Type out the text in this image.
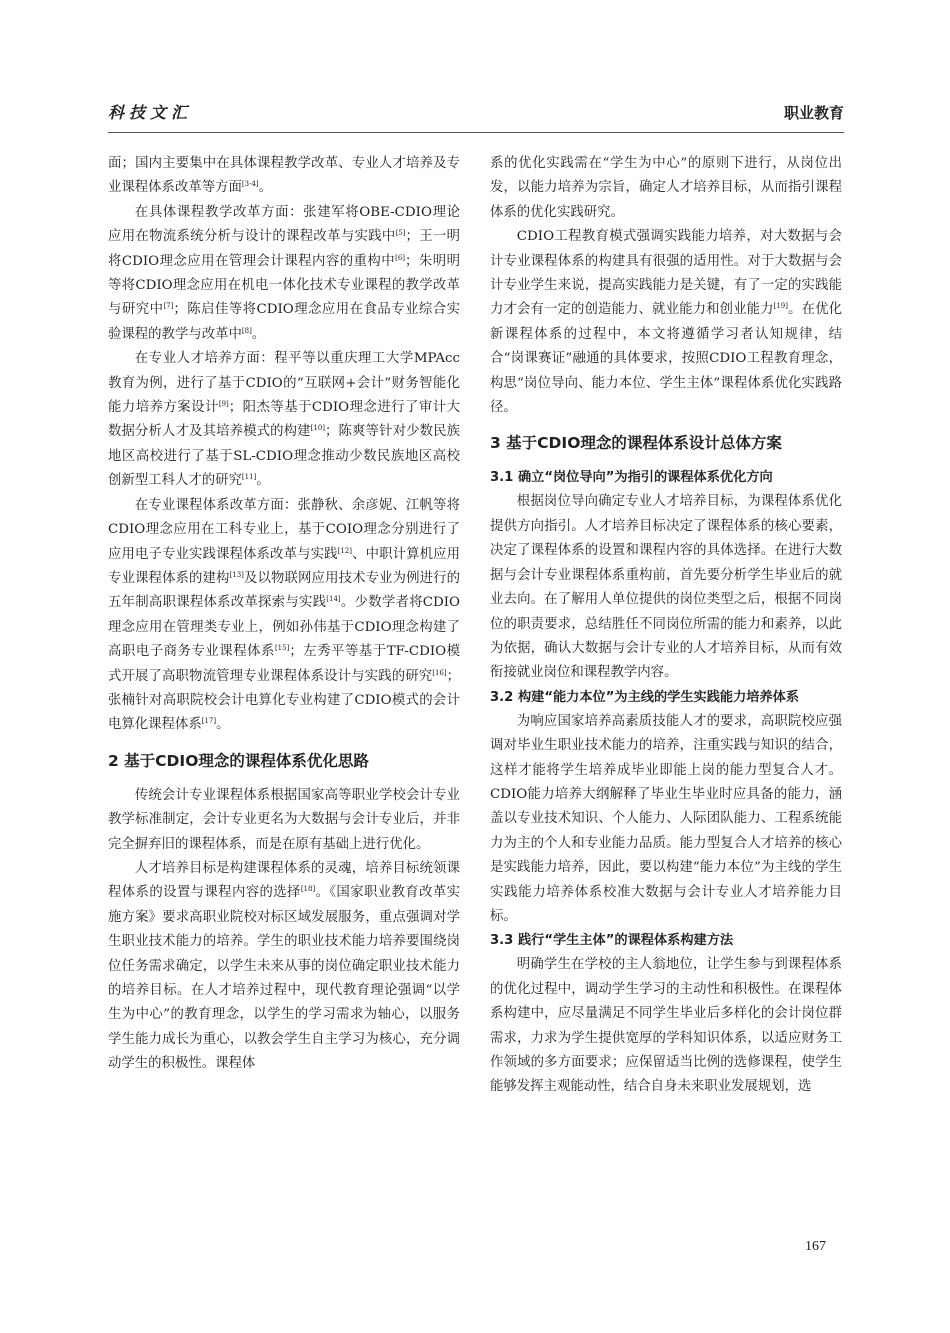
科技文汇	职业教育

面；国内主要集中在具体课程教学改革、专业人才培养及专业课程体系改革等方面[3-4]。

在具体课程教学改革方面：张建军将OBE-CDIO理论应用在物流系统分析与设计的课程改革与实践中[5]；王一明将CDIO理念应用在管理会计课程内容的重构中[6]；朱明明等将CDIO理念应用在机电一体化技术专业课程的教学改革与研究中[7]；陈启佳等将CDIO理念应用在食品专业综合实验课程的教学与改革中[8]。

在专业人才培养方面：程平等以重庆理工大学MPAcc教育为例，进行了基于CDIO的“互联网+会计”财务智能化能力培养方案设计[9]；阳杰等基于CDIO理念进行了审计大数据分析人才及其培养模式的构建[10]；陈爽等针对少数民族地区高校进行了基于SL-CDIO理念推动少数民族地区高校创新型工科人才的研究[11]。

在专业课程体系改革方面：张静秋、余彦妮、江帆等将CDIO理念应用在工科专业上，基于COIO理念分别进行了应用电子专业实践课程体系改革与实践[12]、中职计算机应用专业课程体系的建构[13]及以物联网应用技术专业为例进行的五年制高职课程体系改革探索与实践[14]。少数学者将CDIO理念应用在管理类专业上，例如孙伟基于CDIO理念构建了高职电子商务专业课程体系[15]；左秀平等基于TF-CDIO模式开展了高职物流管理专业课程体系设计与实践的研究[16]；张楠针对高职院校会计电算化专业构建了CDIO模式的会计电算化课程体系[17]。

2 基于CDIO理念的课程体系优化思路

传统会计专业课程体系根据国家高等职业学校会计专业教学标准制定，会计专业更名为大数据与会计专业后，并非完全摒弃旧的课程体系，而是在原有基础上进行优化。

人才培养目标是构建课程体系的灵魂，培养目标统领课程体系的设置与课程内容的选择[18]。《国家职业教育改革实施方案》要求高职业院校对标区域发展服务，重点强调对学生职业技术能力的培养。学生的职业技术能力培养要围绕岗位任务需求确定，以学生未来从事的岗位确定职业技术能力的培养目标。在人才培养过程中，现代教育理论强调“以学生为中心”的教育理念，以学生的学习需求为轴心，以服务学生能力成长为重心，以教会学生自主学习为核心，充分调动学生的积极性。课程体

系的优化实践需在“学生为中心”的原则下进行，从岗位出发，以能力培养为宗旨，确定人才培养目标，从而指引课程体系的优化实践研究。

CDIO工程教育模式强调实践能力培养，对大数据与会计专业课程体系的构建具有很强的适用性。对于大数据与会计专业学生来说，提高实践能力是关键，有了一定的实践能力才会有一定的创造能力、就业能力和创业能力[19]。在优化新课程体系的过程中，本文将遵循学习者认知规律，结合“岗课赛证”融通的具体要求，按照CDIO工程教育理念，构思“岗位导向、能力本位、学生主体”课程体系优化实践路径。

3 基于CDIO理念的课程体系设计总体方案
3.1 确立“岗位导向”为指引的课程体系优化方向

根据岗位导向确定专业人才培养目标，为课程体系优化提供方向指引。人才培养目标决定了课程体系的核心要素，决定了课程体系的设置和课程内容的具体选择。在进行大数据与会计专业课程体系重构前，首先要分析学生毕业后的就业去向。在了解用人单位提供的岗位类型之后，根据不同岗位的职责要求，总结胜任不同岗位所需的能力和素养，以此为依据，确认大数据与会计专业的人才培养目标，从而有效衔接就业岗位和课程教学内容。

3.2 构建“能力本位”为主线的学生实践能力培养体系

为响应国家培养高素质技能人才的要求，高职院校应强调对毕业生职业技术能力的培养，注重实践与知识的结合，这样才能将学生培养成毕业即能上岗的能力型复合人才。CDIO能力培养大纲解释了毕业生毕业时应具备的能力，涵盖以专业技术知识、个人能力、人际团队能力、工程系统能力为主的个人和专业能力品质。能力型复合人才培养的核心是实践能力培养，因此，要以构建“能力本位”为主线的学生实践能力培养体系校准大数据与会计专业人才培养能力目标。

3.3 践行“学生主体”的课程体系构建方法

明确学生在学校的主人翁地位，让学生参与到课程体系的优化过程中，调动学生学习的主动性和积极性。在课程体系构建中，应尽量满足不同学生毕业后多样化的会计岗位群需求，力求为学生提供宽厚的学科知识体系，以适应财务工作领域的多方面要求；应保留适当比例的选修课程，使学生能够发挥主观能动性，结合自身未来职业发展规划，选

167
